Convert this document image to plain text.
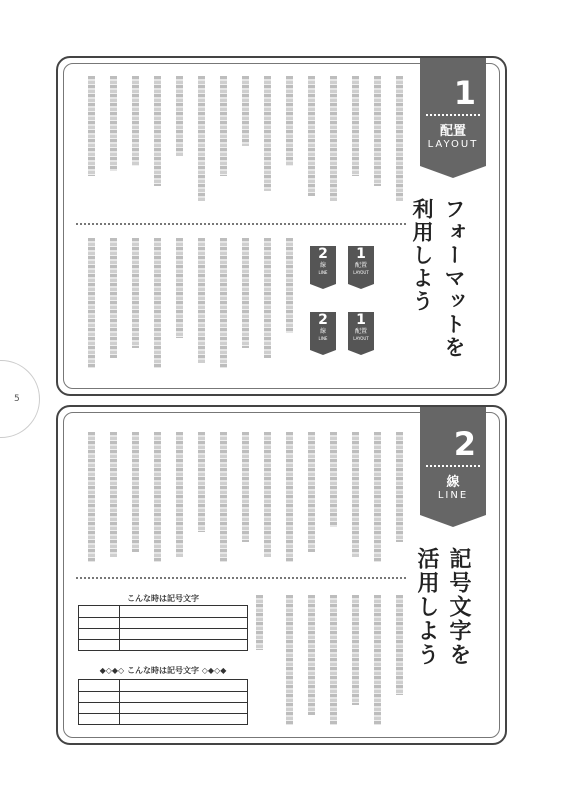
5
2
線
LINE
1
配置
LAYOUT
2
線
LINE
1
配置
LAYOUT
1
配置
LAYOUT
フォーマットを
利用しよう
こんな時は記号文字
◆◇◆◇ こんな時は記号文字 ◇◆◇◆
2
線
LINE
記号文字を
活用しよう
